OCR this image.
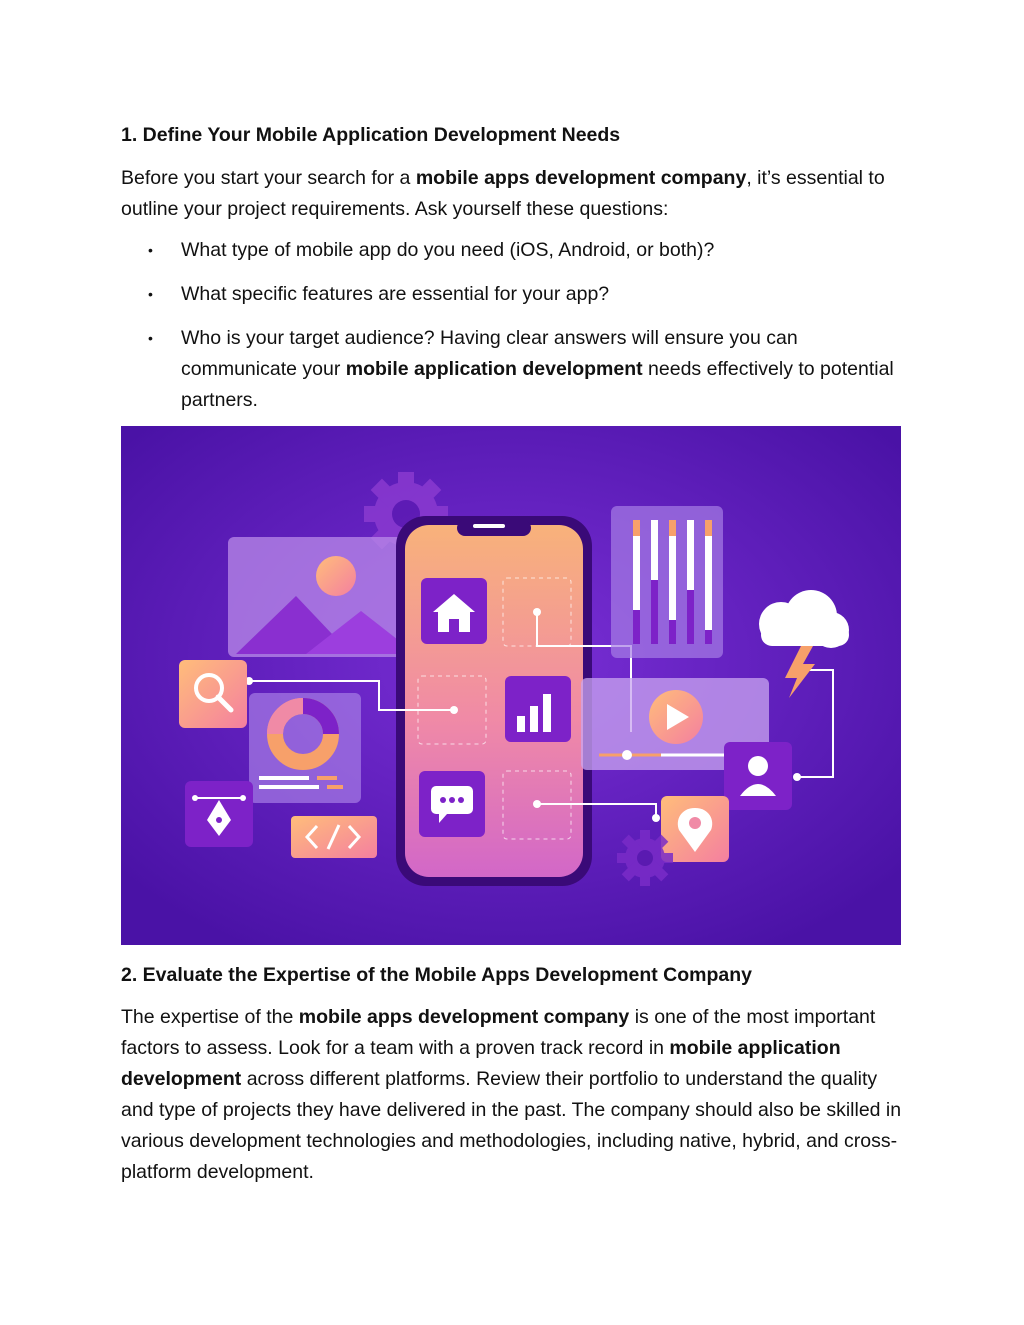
1. Define Your Mobile Application Development Needs

Before you start your search for a mobile apps development company, it’s essential to outline your project requirements. Ask yourself these questions:

• What type of mobile app do you need (iOS, Android, or both)?
• What specific features are essential for your app?
• Who is your target audience? Having clear answers will ensure you can communicate your mobile application development needs effectively to potential partners.
2. Evaluate the Expertise of the Mobile Apps Development Company

The expertise of the mobile apps development company is one of the most important factors to assess. Look for a team with a proven track record in mobile application development across different platforms. Review their portfolio to understand the quality and type of projects they have delivered in the past. The company should also be skilled in various development technologies and methodologies, including native, hybrid, and cross-platform development.
